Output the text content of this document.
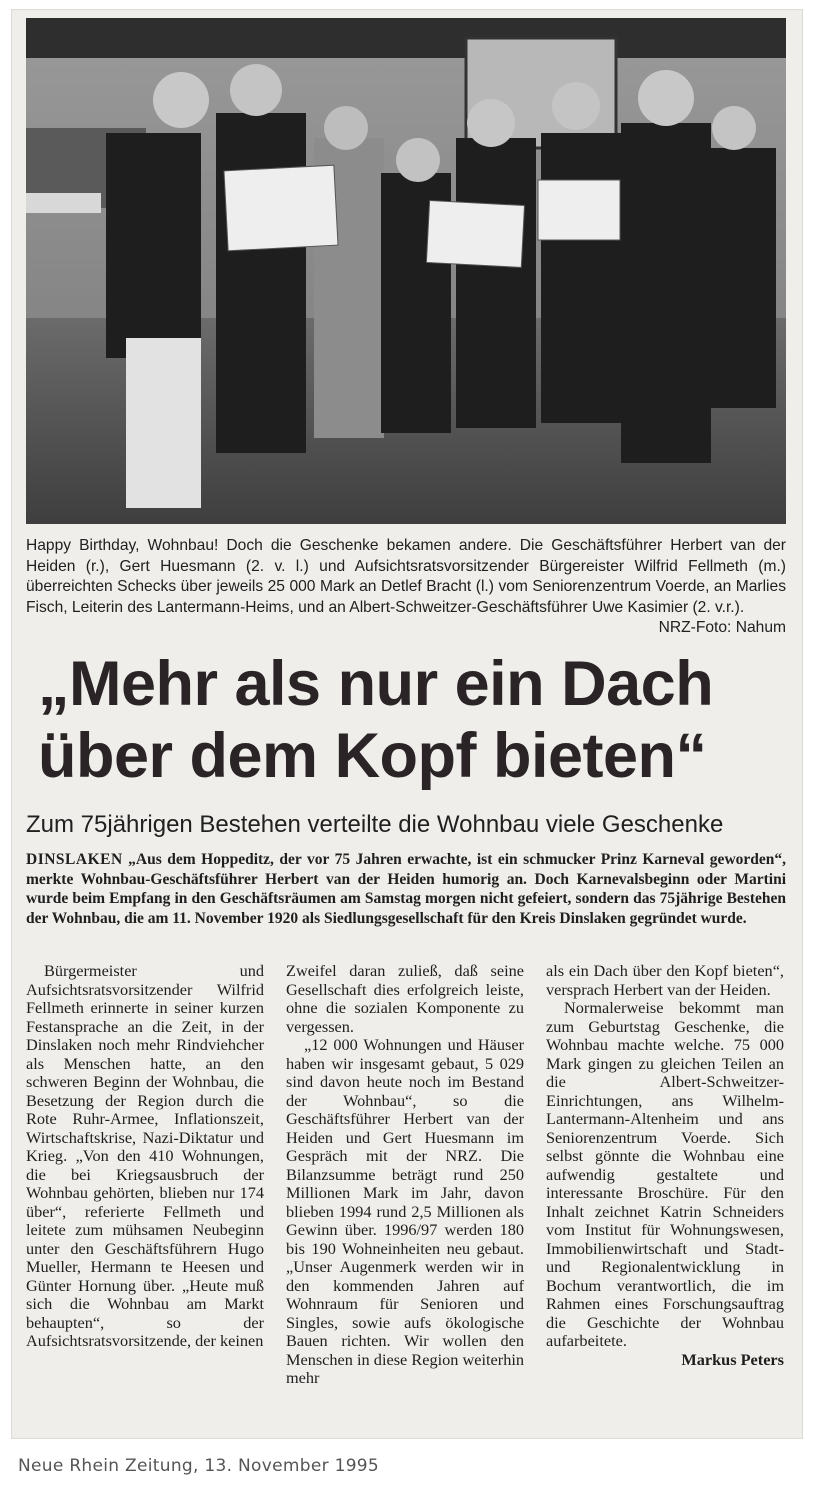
Happy Birthday, Wohnbau! Doch die Geschenke bekamen andere. Die Geschäftsführer Herbert van der Heiden (r.), Gert Huesmann (2. v. l.) und Aufsichtsratsvorsitzender Bürgereister Wilfrid Fellmeth (m.) überreichten Schecks über jeweils 25 000 Mark an Detlef Bracht (l.) vom Seniorenzentrum Voerde, an Marlies Fisch, Leiterin des Lantermann-Heims, und an Albert-Schweitzer-Geschäftsführer Uwe Kasimier (2. v.r.).
NRZ-Foto: Nahum
„Mehr als nur ein Dach
über dem Kopf bieten“
Zum 75jährigen Bestehen verteilte die Wohnbau viele Geschenke
DINSLAKEN „Aus dem Hoppeditz, der vor 75 Jahren erwachte, ist ein schmucker Prinz Karneval geworden“, merkte Wohnbau-Geschäftsführer Herbert van der Heiden humorig an. Doch Karnevalsbeginn oder Martini wurde beim Empfang in den Geschäftsräumen am Samstag morgen nicht gefeiert, sondern das 75jährige Bestehen der Wohnbau, die am 11. November 1920 als Siedlungsgesellschaft für den Kreis Dinslaken gegründet wurde.

Bürgermeister und Aufsichtsratsvorsitzender Wilfrid Fellmeth erinnerte in seiner kurzen Festansprache an die Zeit, in der Dinslaken noch mehr Rindviehcher als Menschen hatte, an den schweren Beginn der Wohnbau, die Besetzung der Region durch die Rote Ruhr-Armee, Inflationszeit, Wirtschaftskrise, Nazi-Diktatur und Krieg. „Von den 410 Wohnungen, die bei Kriegsausbruch der Wohnbau gehörten, blieben nur 174 über“, referierte Fellmeth und leitete zum mühsamen Neubeginn unter den Geschäftsführern Hugo Mueller, Hermann te Heesen und Günter Hornung über. „Heute muß sich die Wohnbau am Markt behaupten“, so der Aufsichtsratsvorsitzende, der keinen

Zweifel daran zuließ, daß seine Gesellschaft dies erfolgreich leiste, ohne die sozialen Komponente zu vergessen.

„12 000 Wohnungen und Häuser haben wir insgesamt gebaut, 5 029 sind davon heute noch im Bestand der Wohnbau“, so die Geschäftsführer Herbert van der Heiden und Gert Huesmann im Gespräch mit der NRZ. Die Bilanzsumme beträgt rund 250 Millionen Mark im Jahr, davon blieben 1994 rund 2,5 Millionen als Gewinn über. 1996/97 werden 180 bis 190 Wohneinheiten neu gebaut. „Unser Augenmerk werden wir in den kommenden Jahren auf Wohnraum für Senioren und Singles, sowie aufs ökologische Bauen richten. Wir wollen den Menschen in diese Region weiterhin mehr

als ein Dach über den Kopf bieten“, versprach Herbert van der Heiden.

Normalerweise bekommt man zum Geburtstag Geschenke, die Wohnbau machte welche. 75 000 Mark gingen zu gleichen Teilen an die Albert-Schweitzer-Einrichtungen, ans Wilhelm-Lantermann-Altenheim und ans Seniorenzentrum Voerde. Sich selbst gönnte die Wohnbau eine aufwendig gestaltete und interessante Broschüre. Für den Inhalt zeichnet Katrin Schneiders vom Institut für Wohnungswesen, Immobilienwirtschaft und Stadt- und Regionalentwicklung in Bochum verantwortlich, die im Rahmen eines Forschungsauftrag die Geschichte der Wohnbau aufarbeitete.

Markus Peters
Neue Rhein Zeitung, 13. November 1995
